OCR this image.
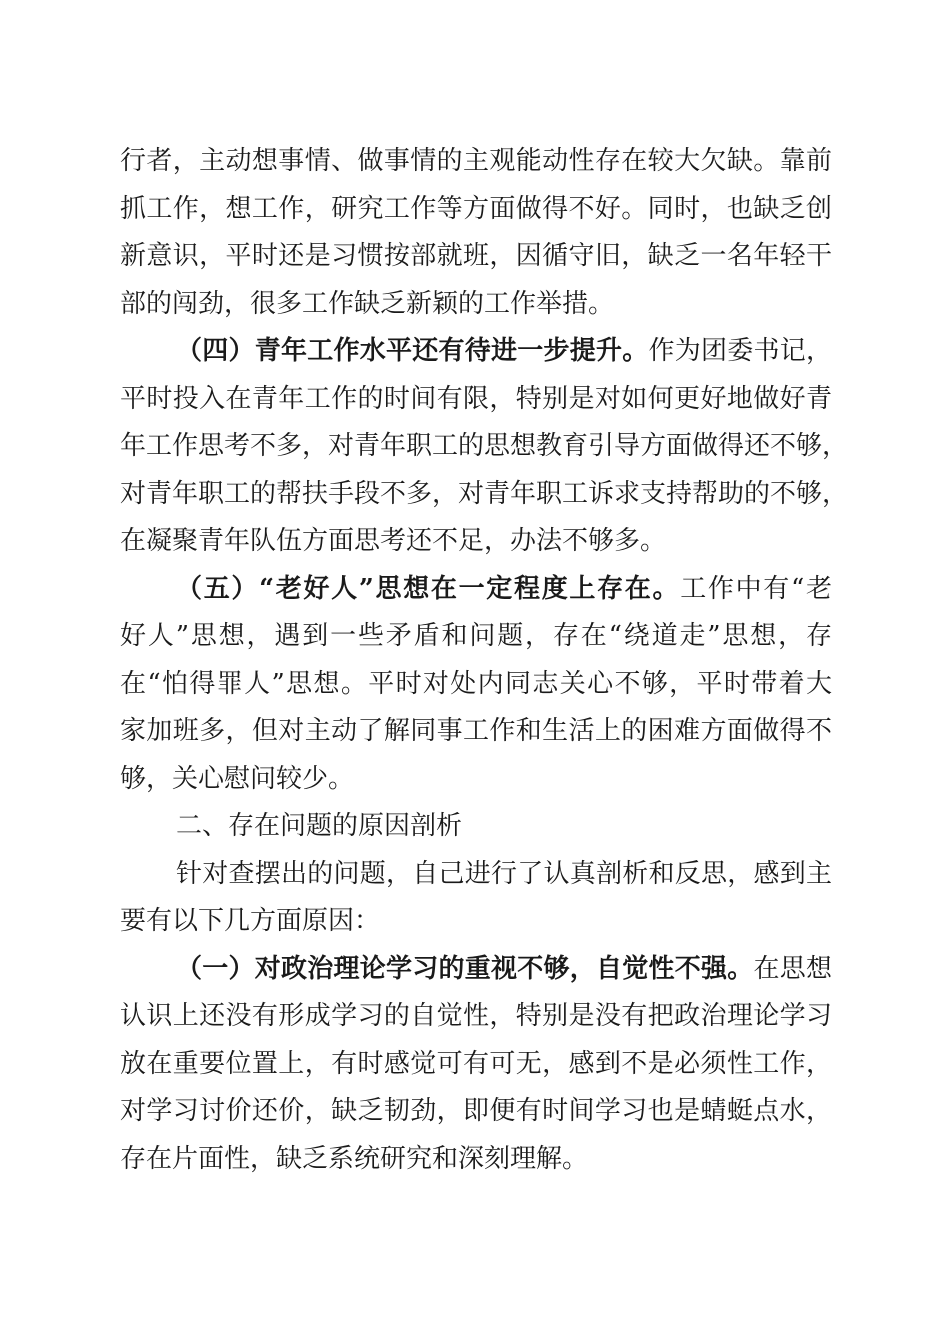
行者，主动想事情、做事情的主观能动性存在较大欠缺。靠前
抓工作，想工作，研究工作等方面做得不好。同时，也缺乏创
新意识，平时还是习惯按部就班，因循守旧，缺乏一名年轻干
部的闯劲，很多工作缺乏新颖的工作举措。
（四）青年工作水平还有待进一步提升。作为团委书记，
平时投入在青年工作的时间有限，特别是对如何更好地做好青
年工作思考不多，对青年职工的思想教育引导方面做得还不够，
对青年职工的帮扶手段不多，对青年职工诉求支持帮助的不够，
在凝聚青年队伍方面思考还不足，办法不够多。
（五）“老好人”思想在一定程度上存在。工作中有“老
好人”思想，遇到一些矛盾和问题，存在“绕道走”思想，存
在“怕得罪人”思想。平时对处内同志关心不够，平时带着大
家加班多，但对主动了解同事工作和生活上的困难方面做得不
够，关心慰问较少。
二、存在问题的原因剖析
针对查摆出的问题，自己进行了认真剖析和反思，感到主
要有以下几方面原因：
（一）对政治理论学习的重视不够，自觉性不强。在思想
认识上还没有形成学习的自觉性，特别是没有把政治理论学习
放在重要位置上，有时感觉可有可无，感到不是必须性工作，
对学习讨价还价，缺乏韧劲，即便有时间学习也是蜻蜓点水，
存在片面性，缺乏系统研究和深刻理解。
